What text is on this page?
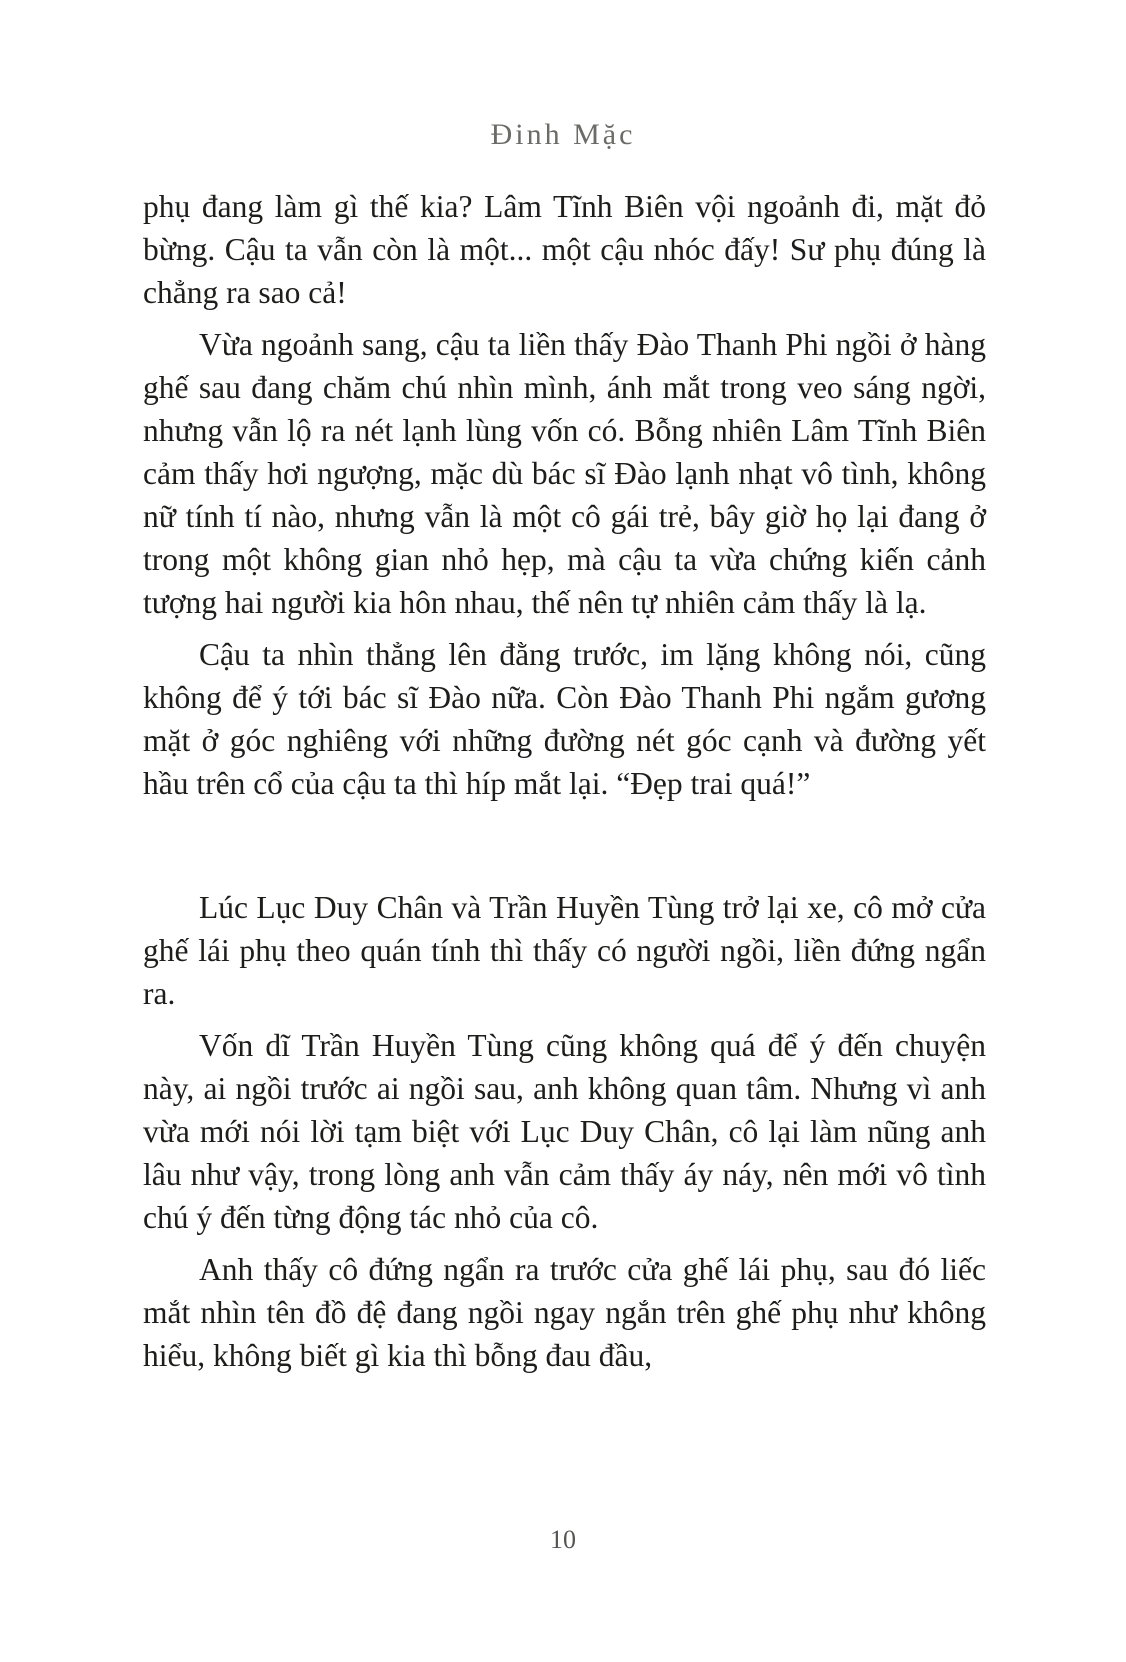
Đinh Mặc

phụ đang làm gì thế kia? Lâm Tĩnh Biên vội ngoảnh đi, mặt đỏ bừng. Cậu ta vẫn còn là một... một cậu nhóc đấy! Sư phụ đúng là chẳng ra sao cả!

Vừa ngoảnh sang, cậu ta liền thấy Đào Thanh Phi ngồi ở hàng ghế sau đang chăm chú nhìn mình, ánh mắt trong veo sáng ngời, nhưng vẫn lộ ra nét lạnh lùng vốn có. Bỗng nhiên Lâm Tĩnh Biên cảm thấy hơi ngượng, mặc dù bác sĩ Đào lạnh nhạt vô tình, không nữ tính tí nào, nhưng vẫn là một cô gái trẻ, bây giờ họ lại đang ở trong một không gian nhỏ hẹp, mà cậu ta vừa chứng kiến cảnh tượng hai người kia hôn nhau, thế nên tự nhiên cảm thấy là lạ.

Cậu ta nhìn thẳng lên đằng trước, im lặng không nói, cũng không để ý tới bác sĩ Đào nữa. Còn Đào Thanh Phi ngắm gương mặt ở góc nghiêng với những đường nét góc cạnh và đường yết hầu trên cổ của cậu ta thì híp mắt lại. “Đẹp trai quá!”

Lúc Lục Duy Chân và Trần Huyền Tùng trở lại xe, cô mở cửa ghế lái phụ theo quán tính thì thấy có người ngồi, liền đứng ngẩn ra.

Vốn dĩ Trần Huyền Tùng cũng không quá để ý đến chuyện này, ai ngồi trước ai ngồi sau, anh không quan tâm. Nhưng vì anh vừa mới nói lời tạm biệt với Lục Duy Chân, cô lại làm nũng anh lâu như vậy, trong lòng anh vẫn cảm thấy áy náy, nên mới vô tình chú ý đến từng động tác nhỏ của cô.

Anh thấy cô đứng ngẩn ra trước cửa ghế lái phụ, sau đó liếc mắt nhìn tên đồ đệ đang ngồi ngay ngắn trên ghế phụ như không hiểu, không biết gì kia thì bỗng đau đầu,

10
